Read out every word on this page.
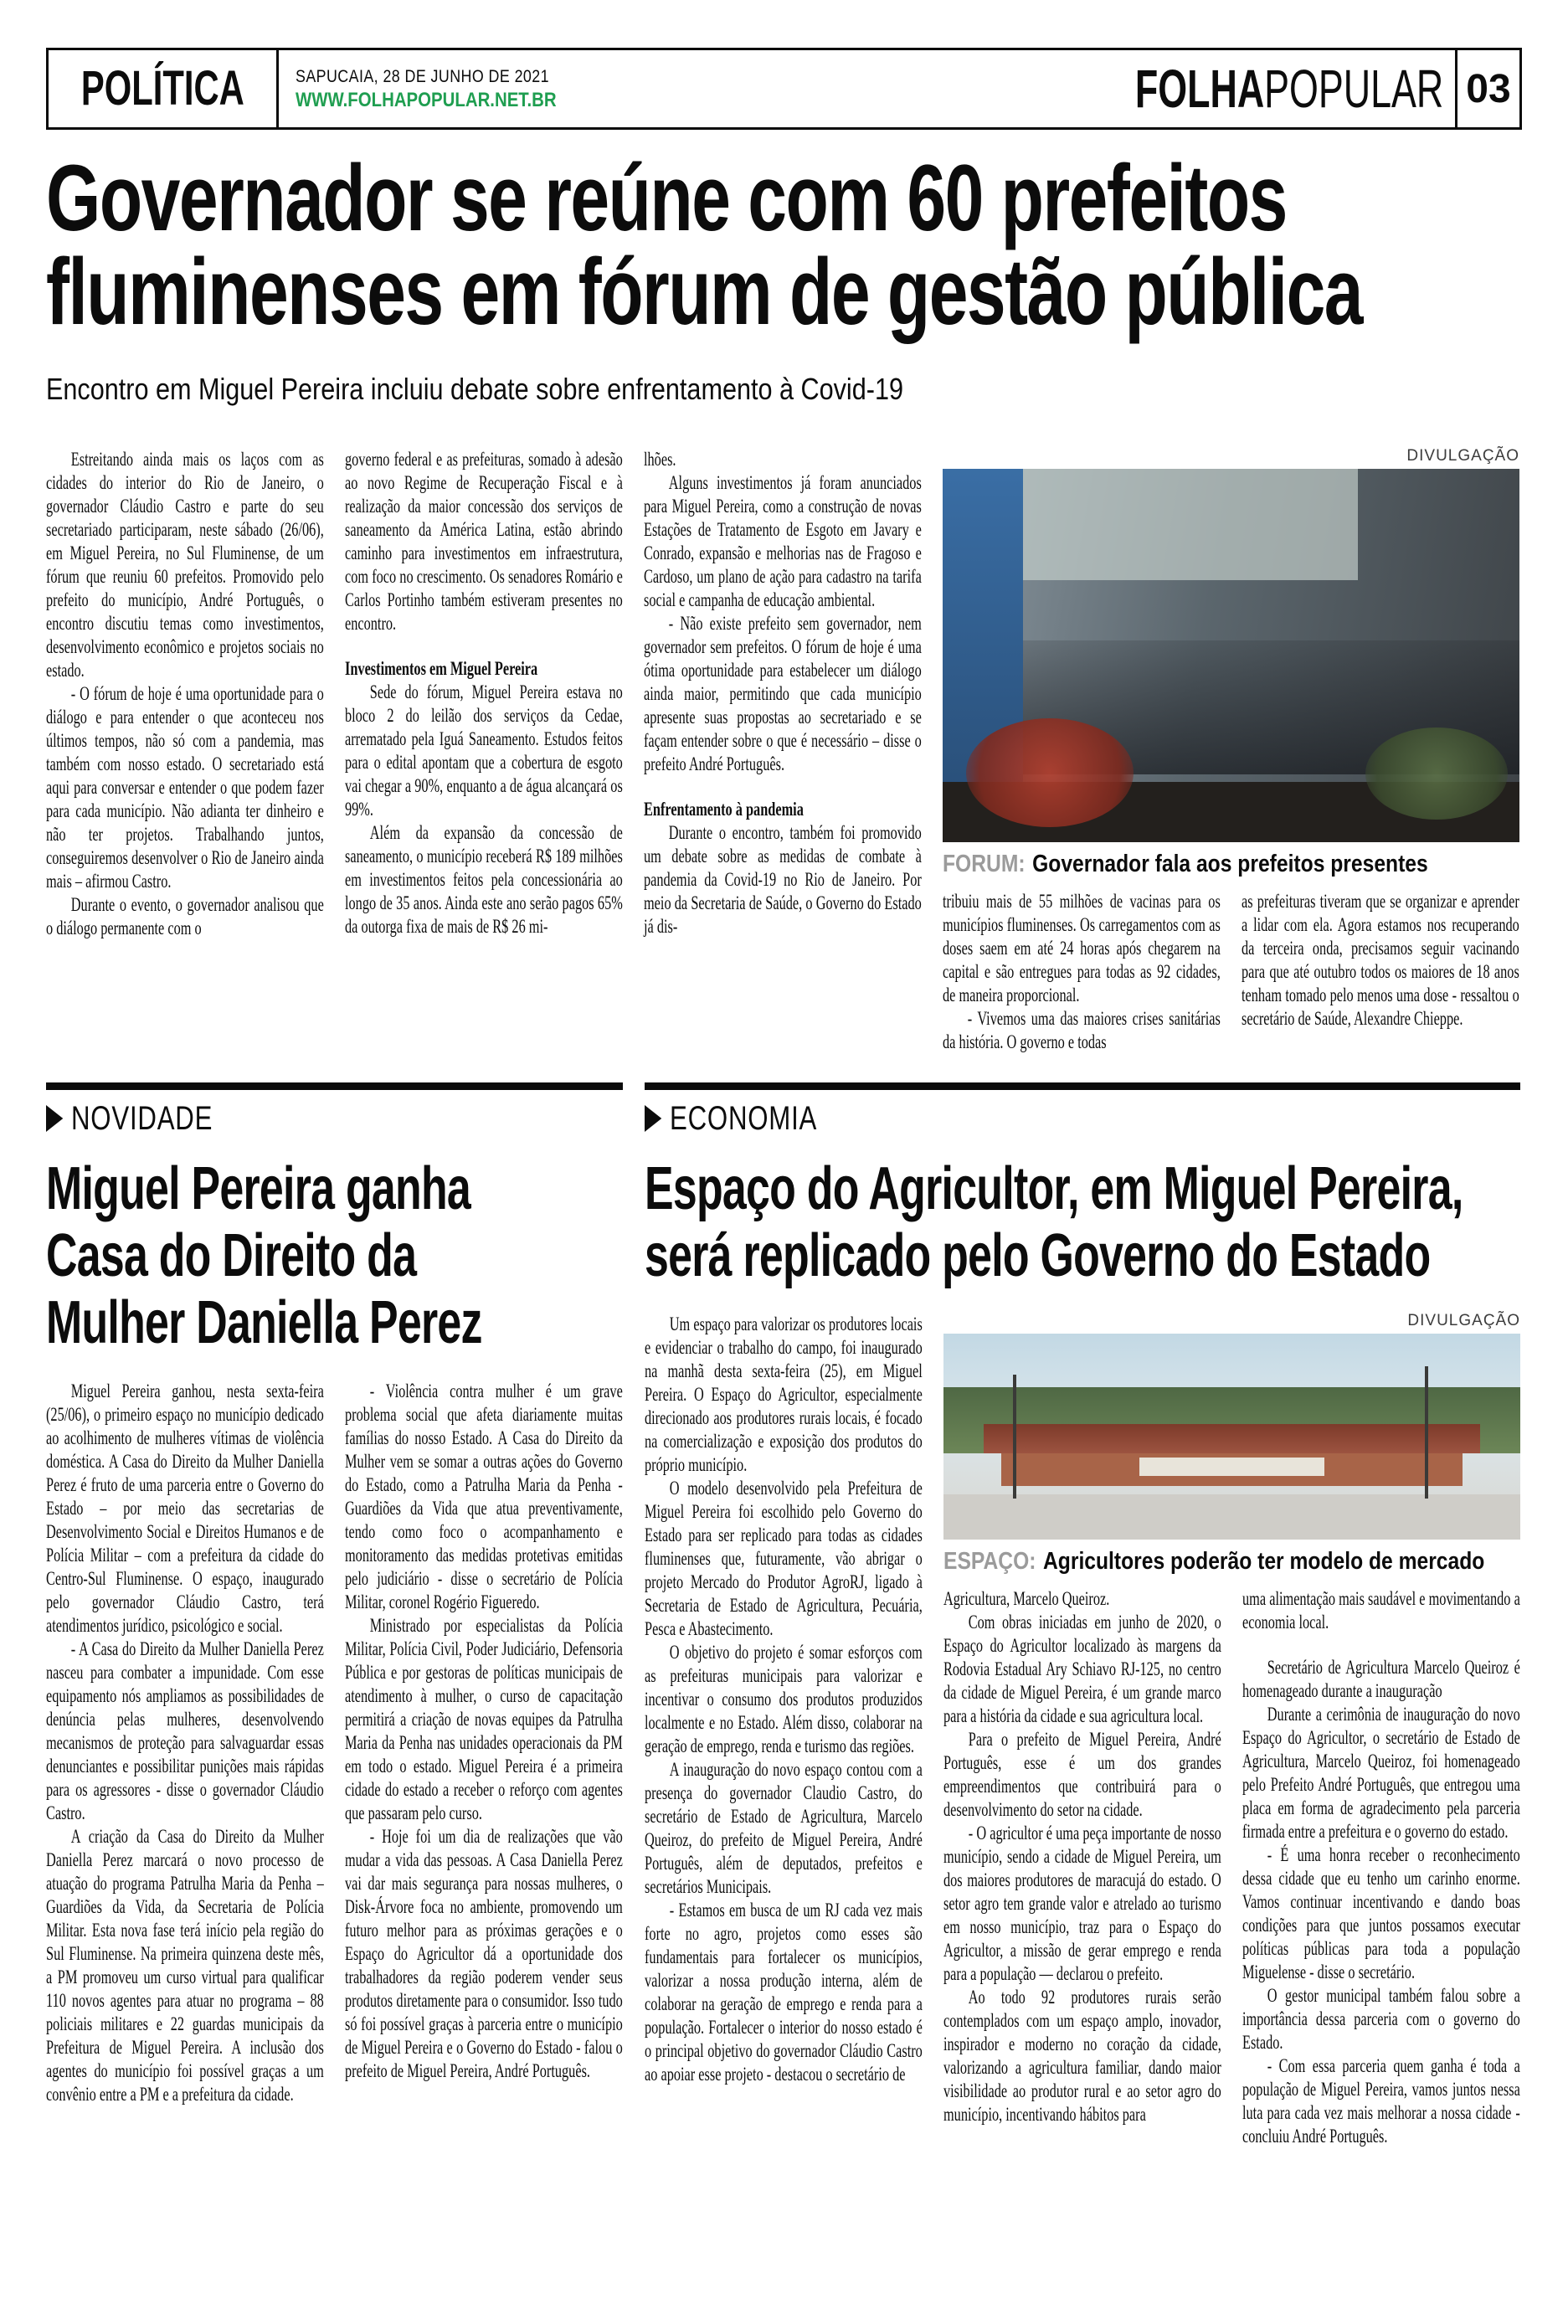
POLÍTICA	SAPUCAIA, 28 DE JUNHO DE 2021
WWW.FOLHAPOPULAR.NET.BR	FOLHAPOPULAR 03
Governador se reúne com 60 prefeitos
fluminenses em fórum de gestão pública
Encontro em Miguel Pereira incluiu debate sobre enfrentamento à Covid-19

Estreitando ainda mais os laços com as cidades do interior do Rio de Janeiro, o governador Cláudio Castro e parte do seu secretariado participaram, neste sábado (26/06), em Miguel Pereira, no Sul Fluminense, de um fórum que reuniu 60 prefeitos. Promovido pelo prefeito do município, André Português, o encontro discutiu temas como investimentos, desenvolvimento econômico e projetos sociais no estado.

- O fórum de hoje é uma oportunidade para o diálogo e para entender o que aconteceu nos últimos tempos, não só com a pandemia, mas também com nosso estado. O secretariado está aqui para conversar e entender o que podem fazer para cada município. Não adianta ter dinheiro e não ter projetos. Trabalhando juntos, conseguiremos desenvolver o Rio de Janeiro ainda mais – afirmou Castro.

Durante o evento, o governador analisou que o diálogo permanente com o

governo federal e as prefeituras, somado à adesão ao novo Regime de Recuperação Fiscal e à realização da maior concessão dos serviços de saneamento da América Latina, estão abrindo caminho para investimentos em infraestrutura, com foco no crescimento. Os senadores Romário e Carlos Portinho também estiveram presentes no encontro.

Investimentos em Miguel Pereira

Sede do fórum, Miguel Pereira estava no bloco 2 do leilão dos serviços da Cedae, arrematado pela Iguá Saneamento. Estudos feitos para o edital apontam que a cobertura de esgoto vai chegar a 90%, enquanto a de água alcançará os 99%.

Além da expansão da concessão de saneamento, o município receberá R$ 189 milhões em investimentos feitos pela concessionária ao longo de 35 anos. Ainda este ano serão pagos 65% da outorga fixa de mais de R$ 26 mi-

lhões.

Alguns investimentos já foram anunciados para Miguel Pereira, como a construção de novas Estações de Tratamento de Esgoto em Javary e Conrado, expansão e melhorias nas de Fragoso e Cardoso, um plano de ação para cadastro na tarifa social e campanha de educação ambiental.

- Não existe prefeito sem governador, nem governador sem prefeitos. O fórum de hoje é uma ótima oportunidade para estabelecer um diálogo ainda maior, permitindo que cada município apresente suas propostas ao secretariado e se façam entender sobre o que é necessário – disse o prefeito André Português.

Enfrentamento à pandemia

Durante o encontro, também foi promovido um debate sobre as medidas de combate à pandemia da Covid-19 no Rio de Janeiro. Por meio da Secretaria de Saúde, o Governo do Estado já dis-

DIVULGAÇÃO
FORUM: Governador fala aos prefeitos presentes

tribuiu mais de 55 milhões de vacinas para os municípios fluminenses. Os carregamentos com as doses saem em até 24 horas após chegarem na capital e são entregues para todas as 92 cidades, de maneira proporcional.

- Vivemos uma das maiores crises sanitárias da história. O governo e todas

as prefeituras tiveram que se organizar e aprender a lidar com ela. Agora estamos nos recuperando da terceira onda, precisamos seguir vacinando para que até outubro todos os maiores de 18 anos tenham tomado pelo menos uma dose - ressaltou o secretário de Saúde, Alexandre Chieppe.

NOVIDADE
Miguel Pereira ganha
Casa do Direito da
Mulher Daniella Perez

Miguel Pereira ganhou, nesta sexta-feira (25/06), o primeiro espaço no município dedicado ao acolhimento de mulheres vítimas de violência doméstica. A Casa do Direito da Mulher Daniella Perez é fruto de uma parceria entre o Governo do Estado – por meio das secretarias de Desenvolvimento Social e Direitos Humanos e de Polícia Militar – com a prefeitura da cidade do Centro-Sul Fluminense. O espaço, inaugurado pelo governador Cláudio Castro, terá atendimentos jurídico, psicológico e social.

- A Casa do Direito da Mulher Daniella Perez nasceu para combater a impunidade. Com esse equipamento nós ampliamos as possibilidades de denúncia pelas mulheres, desenvolvendo mecanismos de proteção para salvaguardar essas denunciantes e possibilitar punições mais rápidas para os agressores - disse o governador Cláudio Castro.

A criação da Casa do Direito da Mulher Daniella Perez marcará o novo processo de atuação do programa Patrulha Maria da Penha – Guardiões da Vida, da Secretaria de Polícia Militar. Esta nova fase terá início pela região do Sul Fluminense. Na primeira quinzena deste mês, a PM promoveu um curso virtual para qualificar 110 novos agentes para atuar no programa – 88 policiais militares e 22 guardas municipais da Prefeitura de Miguel Pereira. A inclusão dos agentes do município foi possível graças a um convênio entre a PM e a prefeitura da cidade.

- Violência contra mulher é um grave problema social que afeta diariamente muitas famílias do nosso Estado. A Casa do Direito da Mulher vem se somar a outras ações do Governo do Estado, como a Patrulha Maria da Penha - Guardiões da Vida que atua preventivamente, tendo como foco o acompanhamento e monitoramento das medidas protetivas emitidas pelo judiciário - disse o secretário de Polícia Militar, coronel Rogério Figueredo.

Ministrado por especialistas da Polícia Militar, Polícia Civil, Poder Judiciário, Defensoria Pública e por gestoras de políticas municipais de atendimento à mulher, o curso de capacitação permitirá a criação de novas equipes da Patrulha Maria da Penha nas unidades operacionais da PM em todo o estado. Miguel Pereira é a primeira cidade do estado a receber o reforço com agentes que passaram pelo curso.

- Hoje foi um dia de realizações que vão mudar a vida das pessoas. A Casa Daniella Perez vai dar mais segurança para nossas mulheres, o Disk-Árvore foca no ambiente, promovendo um futuro melhor para as próximas gerações e o Espaço do Agricultor dá a oportunidade dos trabalhadores da região poderem vender seus produtos diretamente para o consumidor. Isso tudo só foi possível graças à parceria entre o município de Miguel Pereira e o Governo do Estado - falou o prefeito de Miguel Pereira, André Português.

ECONOMIA
Espaço do Agricultor, em Miguel Pereira,
será replicado pelo Governo do Estado

Um espaço para valorizar os produtores locais e evidenciar o trabalho do campo, foi inaugurado na manhã desta sexta-feira (25), em Miguel Pereira. O Espaço do Agricultor, especialmente direcionado aos produtores rurais locais, é focado na comercialização e exposição dos produtos do próprio município.

O modelo desenvolvido pela Prefeitura de Miguel Pereira foi escolhido pelo Governo do Estado para ser replicado para todas as cidades fluminenses que, futuramente, vão abrigar o projeto Mercado do Produtor AgroRJ, ligado à Secretaria de Estado de Agricultura, Pecuária, Pesca e Abastecimento.

O objetivo do projeto é somar esforços com as prefeituras municipais para valorizar e incentivar o consumo dos produtos produzidos localmente e no Estado. Além disso, colaborar na geração de emprego, renda e turismo das regiões.

A inauguração do novo espaço contou com a presença do governador Claudio Castro, do secretário de Estado de Agricultura, Marcelo Queiroz, do prefeito de Miguel Pereira, André Português, além de deputados, prefeitos e secretários Municipais.

- Estamos em busca de um RJ cada vez mais forte no agro, projetos como esses são fundamentais para fortalecer os municípios, valorizar a nossa produção interna, além de colaborar na geração de emprego e renda para a população. Fortalecer o interior do nosso estado é o principal objetivo do governador Cláudio Castro ao apoiar esse projeto - destacou o secretário de

DIVULGAÇÃO
ESPAÇO: Agricultores poderão ter modelo de mercado

Agricultura, Marcelo Queiroz.

Com obras iniciadas em junho de 2020, o Espaço do Agricultor localizado às margens da Rodovia Estadual Ary Schiavo RJ-125, no centro da cidade de Miguel Pereira, é um grande marco para a história da cidade e sua agricultura local.

Para o prefeito de Miguel Pereira, André Português, esse é um dos grandes empreendimentos que contribuirá para o desenvolvimento do setor na cidade.

- O agricultor é uma peça importante de nosso município, sendo a cidade de Miguel Pereira, um dos maiores produtores de maracujá do estado. O setor agro tem grande valor e atrelado ao turismo em nosso município, traz para o Espaço do Agricultor, a missão de gerar emprego e renda para a população — declarou o prefeito.

Ao todo 92 produtores rurais serão contemplados com um espaço amplo, inovador, inspirador e moderno no coração da cidade, valorizando a agricultura familiar, dando maior visibilidade ao produtor rural e ao setor agro do município, incentivando hábitos para

uma alimentação mais saudável e movimentando a economia local.

Secretário de Agricultura Marcelo Queiroz é homenageado durante a inauguração

Durante a cerimônia de inauguração do novo Espaço do Agricultor, o secretário de Estado de Agricultura, Marcelo Queiroz, foi homenageado pelo Prefeito André Português, que entregou uma placa em forma de agradecimento pela parceria firmada entre a prefeitura e o governo do estado.

- É uma honra receber o reconhecimento dessa cidade que eu tenho um carinho enorme. Vamos continuar incentivando e dando boas condições para que juntos possamos executar políticas públicas para toda a população Miguelense - disse o secretário.

O gestor municipal também falou sobre a importância dessa parceria com o governo do Estado.

- Com essa parceria quem ganha é toda a população de Miguel Pereira, vamos juntos nessa luta para cada vez mais melhorar a nossa cidade - concluiu André Português.
